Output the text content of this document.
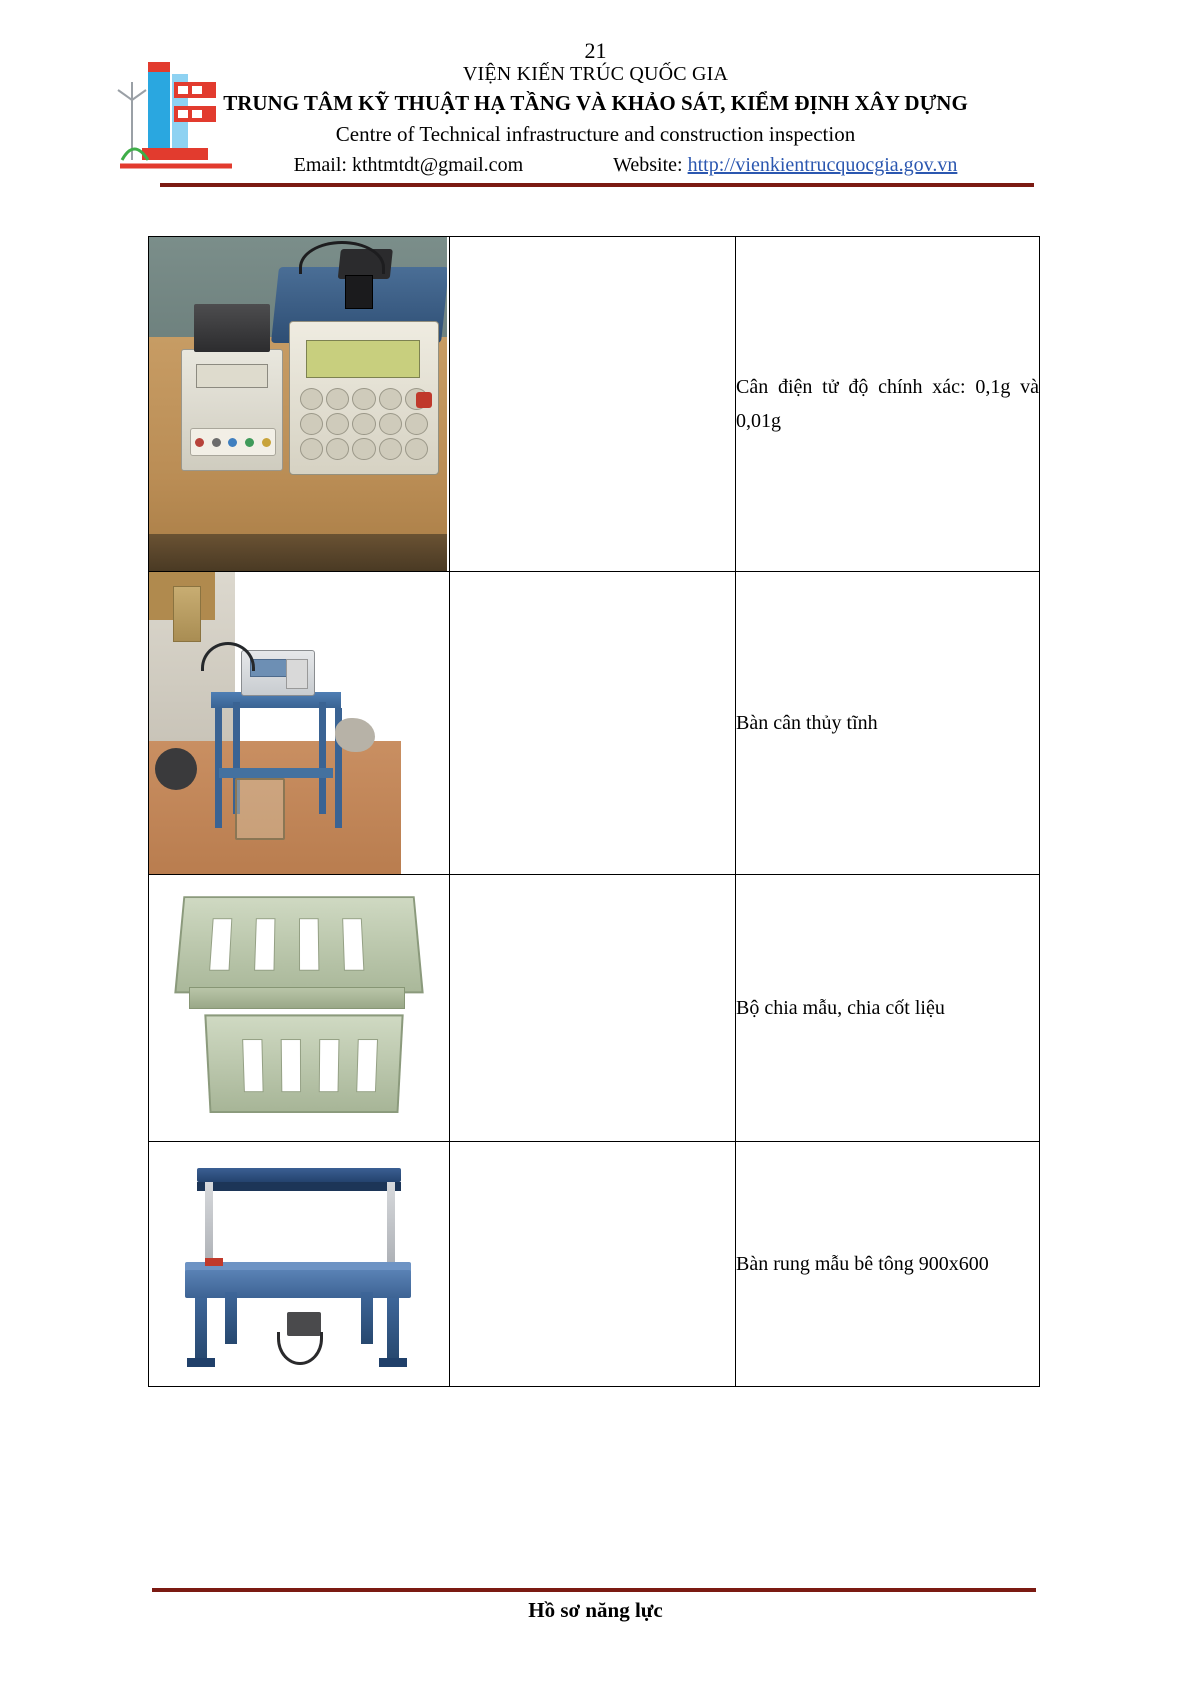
21
VIỆN KIẾN TRÚC QUỐC GIA
TRUNG TÂM KỸ THUẬT HẠ TẦNG VÀ KHẢO SÁT, KIỂM ĐỊNH XÂY DỰNG
Centre of Technical infrastructure and construction inspection
Email: kthtmtdt@gmail.com	Website: http://vienkientrucquocgia.gov.vn
		Cân điện tử độ chính xác: 0,1g và 0,01g

		Bàn cân thủy tĩnh

		Bộ chia mẫu, chia cốt liệu

		Bàn rung mẫu bê tông 900x600
Hồ sơ năng lực
